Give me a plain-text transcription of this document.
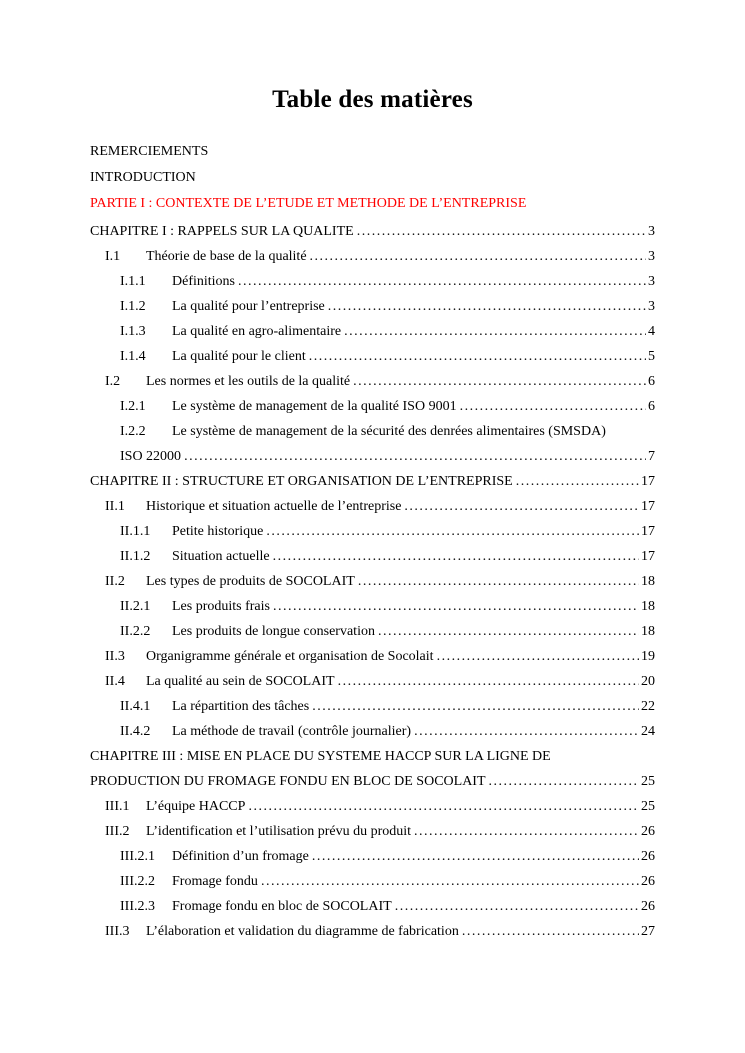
Table des matières
REMERCIEMENTS
INTRODUCTION
PARTIE I : CONTEXTE DE L’ETUDE ET METHODE DE L’ENTREPRISE
CHAPITRE I : RAPPELS SUR LA QUALITE .....	3
I.1	Théorie de base de la qualité .....	3
I.1.1	Définitions .....	3
I.1.2	La qualité pour l’entreprise .....	3
I.1.3	La qualité en agro-alimentaire .....	4
I.1.4	La qualité pour le client .....	5
I.2	Les normes et les outils de la qualité .....	6
I.2.1	Le système de management de la qualité ISO 9001 .....	6
I.2.2	Le système de management de la sécurité des denrées alimentaires (SMSDA)
ISO 22000 .....	7
CHAPITRE II : STRUCTURE ET ORGANISATION DE L’ENTREPRISE .....	17
II.1	Historique et situation actuelle de l’entreprise .....	17
II.1.1	Petite historique .....	17
II.1.2	Situation actuelle .....	17
II.2	Les types de produits de SOCOLAIT .....	18
II.2.1	Les produits frais .....	18
II.2.2	Les produits de longue conservation .....	18
II.3	Organigramme générale et organisation de Socolait .....	19
II.4	La qualité au sein de SOCOLAIT .....	20
II.4.1	La répartition des tâches .....	22
II.4.2	La méthode de travail (contrôle journalier) .....	24
CHAPITRE III : MISE EN PLACE DU SYSTEME HACCP SUR LA LIGNE DE
PRODUCTION DU FROMAGE FONDU EN BLOC DE SOCOLAIT .....	25
III.1	L’équipe HACCP .....	25
III.2	L’identification et l’utilisation prévu du produit .....	26
III.2.1	Définition d’un fromage .....	26
III.2.2	Fromage fondu .....	26
III.2.3	Fromage fondu en bloc de SOCOLAIT .....	26
III.3	L’élaboration et validation du diagramme de fabrication .....	27
